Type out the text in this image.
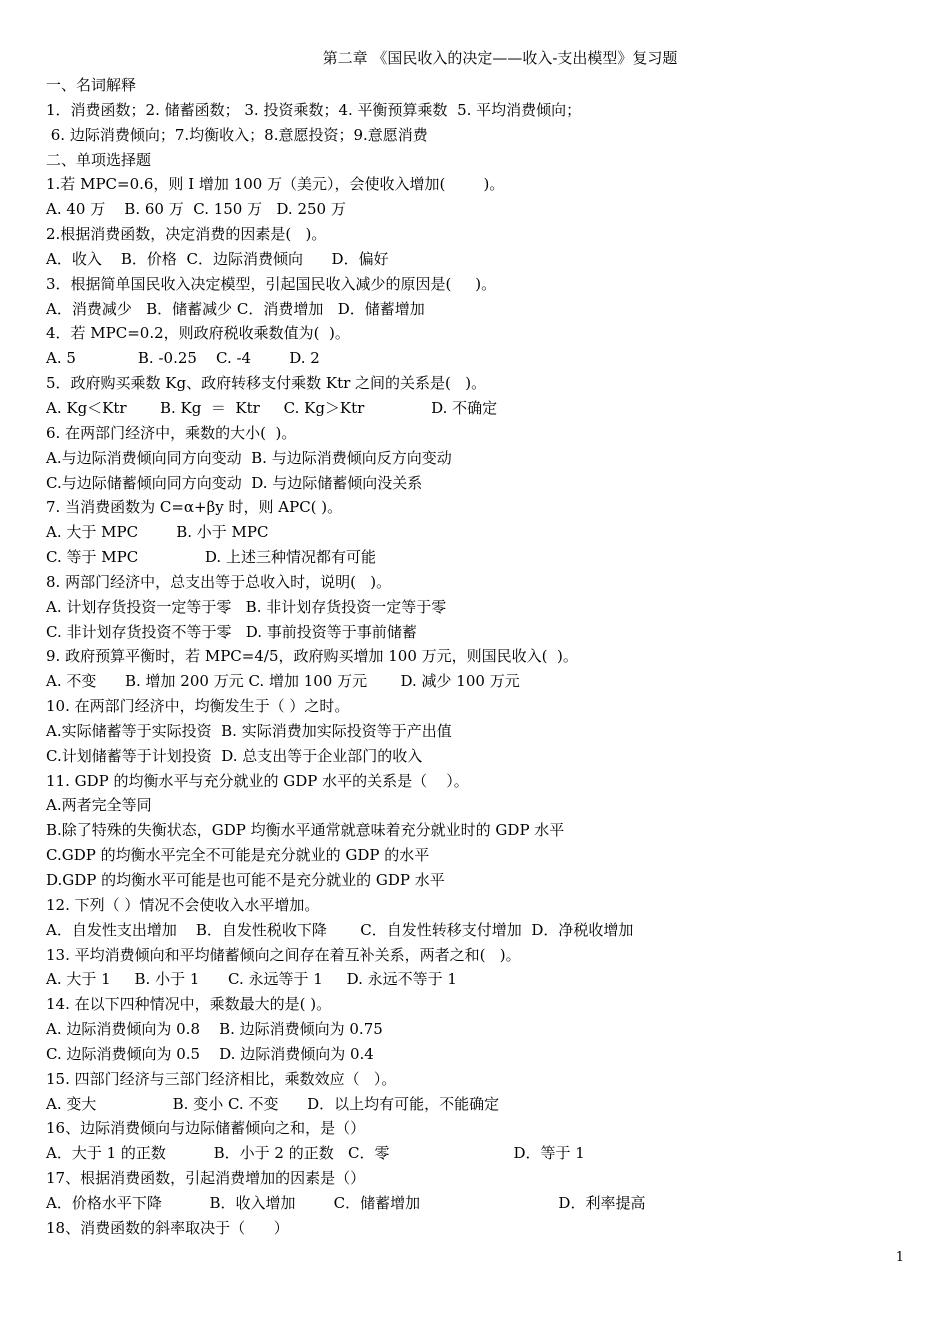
第二章 《国民收入的决定——收入-支出模型》复习题
一、名词解释
1．消费函数；2. 储蓄函数； 3. 投资乘数；4. 平衡预算乘数  5. 平均消费倾向；
6. 边际消费倾向；7.均衡收入；8.意愿投资；9.意愿消费
二、单项选择题
1.若 MPC=0.6，则 I 增加 100 万（美元），会使收入增加(        )。
A. 40 万    B. 60 万  C. 150 万   D. 250 万
2.根据消费函数，决定消费的因素是(   )。
A．收入    B．价格  C．边际消费倾向      D．偏好
3．根据简单国民收入决定模型，引起国民收入减少的原因是(     )。
A．消费减少   B．储蓄减少 C．消费增加   D．储蓄增加
4．若 MPC=0.2，则政府税收乘数值为(  )。
A. 5             B. -0.25    C. -4        D. 2
5．政府购买乘数 Kg、政府转移支付乘数 Ktr 之间的关系是(   )。
A. Kg＜Ktr       B. Kg  ＝  Ktr     C. Kg＞Ktr              D. 不确定
6. 在两部门经济中，乘数的大小(  )。
A.与边际消费倾向同方向变动  B. 与边际消费倾向反方向变动
C.与边际储蓄倾向同方向变动  D. 与边际储蓄倾向没关系
7. 当消费函数为 C=α+βy 时，则 APC( )。
A. 大于 MPC        B. 小于 MPC
C. 等于 MPC              D. 上述三种情况都有可能
8. 两部门经济中，总支出等于总收入时，说明(   )。
A. 计划存货投资一定等于零   B. 非计划存货投资一定等于零
C. 非计划存货投资不等于零   D. 事前投资等于事前储蓄
9. 政府预算平衡时，若 MPC=4/5，政府购买增加 100 万元，则国民收入(  )。
A. 不变      B. 增加 200 万元 C. 增加 100 万元       D. 减少 100 万元
10. 在两部门经济中，均衡发生于（ ）之时。
A.实际储蓄等于实际投资  B. 实际消费加实际投资等于产出值
C.计划储蓄等于计划投资  D. 总支出等于企业部门的收入
11. GDP 的均衡水平与充分就业的 GDP 水平的关系是（    ）。
A.两者完全等同
B.除了特殊的失衡状态，GDP 均衡水平通常就意味着充分就业时的 GDP 水平
C.GDP 的均衡水平完全不可能是充分就业的 GDP 的水平
D.GDP 的均衡水平可能是也可能不是充分就业的 GDP 水平
12. 下列（ ）情况不会使收入水平增加。
A．自发性支出增加    B．自发性税收下降       C．自发性转移支付增加  D．净税收增加
13. 平均消费倾向和平均储蓄倾向之间存在着互补关系，两者之和(   )。
A. 大于 1     B. 小于 1      C. 永远等于 1     D. 永远不等于 1
14. 在以下四种情况中，乘数最大的是( )。
A. 边际消费倾向为 0.8    B. 边际消费倾向为 0.75
C. 边际消费倾向为 0.5    D. 边际消费倾向为 0.4
15. 四部门经济与三部门经济相比，乘数效应（   ）。
A. 变大                B. 变小 C. 不变      D．以上均有可能，不能确定
16、边际消费倾向与边际储蓄倾向之和，是（）
A．大于 1 的正数          B．小于 2 的正数   C．零                          D．等于 1
17、根据消费函数，引起消费增加的因素是（）
A．价格水平下降          B．收入增加        C．储蓄增加                             D．利率提高
18、消费函数的斜率取决于（      ）
1
